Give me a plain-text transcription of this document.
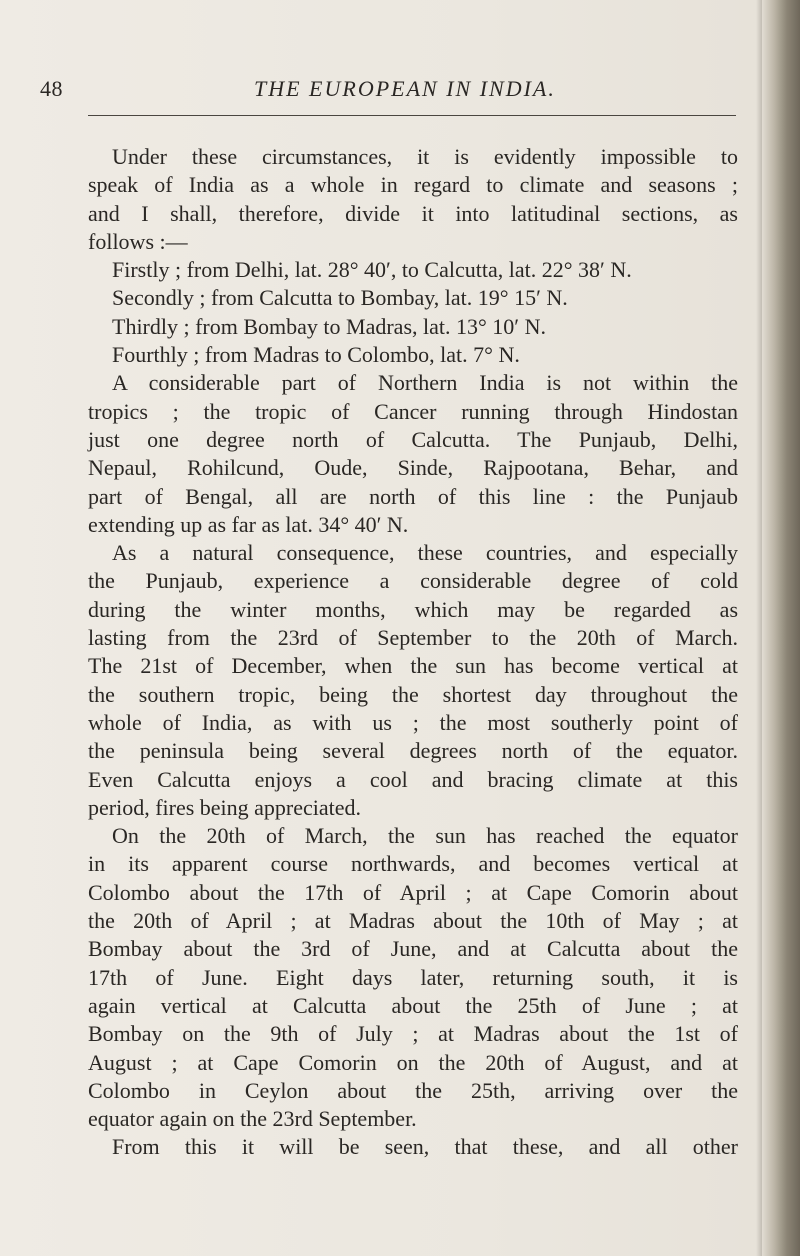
48	THE EUROPEAN IN INDIA.
Under these circumstances, it is evidently impossible to
speak of India as a whole in regard to climate and seasons ;
and I shall, therefore, divide it into latitudinal sections, as
follows :—
Firstly ; from Delhi, lat. 28° 40′, to Calcutta, lat. 22° 38′ N.
Secondly ; from Calcutta to Bombay, lat. 19° 15′ N.
Thirdly ; from Bombay to Madras, lat. 13° 10′ N.
Fourthly ; from Madras to Colombo, lat. 7° N.
A considerable part of Northern India is not within the
tropics ; the tropic of Cancer running through Hindostan
just one degree north of Calcutta. The Punjaub, Delhi,
Nepaul, Rohilcund, Oude, Sinde, Rajpootana, Behar, and
part of Bengal, all are north of this line : the Punjaub
extending up as far as lat. 34° 40′ N.
As a natural consequence, these countries, and especially
the Punjaub, experience a considerable degree of cold
during the winter months, which may be regarded as
lasting from the 23rd of September to the 20th of March.
The 21st of December, when the sun has become vertical at
the southern tropic, being the shortest day throughout the
whole of India, as with us ; the most southerly point of
the peninsula being several degrees north of the equator.
Even Calcutta enjoys a cool and bracing climate at this
period, fires being appreciated.
On the 20th of March, the sun has reached the equator
in its apparent course northwards, and becomes vertical at
Colombo about the 17th of April ; at Cape Comorin about
the 20th of April ; at Madras about the 10th of May ; at
Bombay about the 3rd of June, and at Calcutta about the
17th of June. Eight days later, returning south, it is
again vertical at Calcutta about the 25th of June ; at
Bombay on the 9th of July ; at Madras about the 1st of
August ; at Cape Comorin on the 20th of August, and at
Colombo in Ceylon about the 25th, arriving over the
equator again on the 23rd September.
From this it will be seen, that these, and all other
